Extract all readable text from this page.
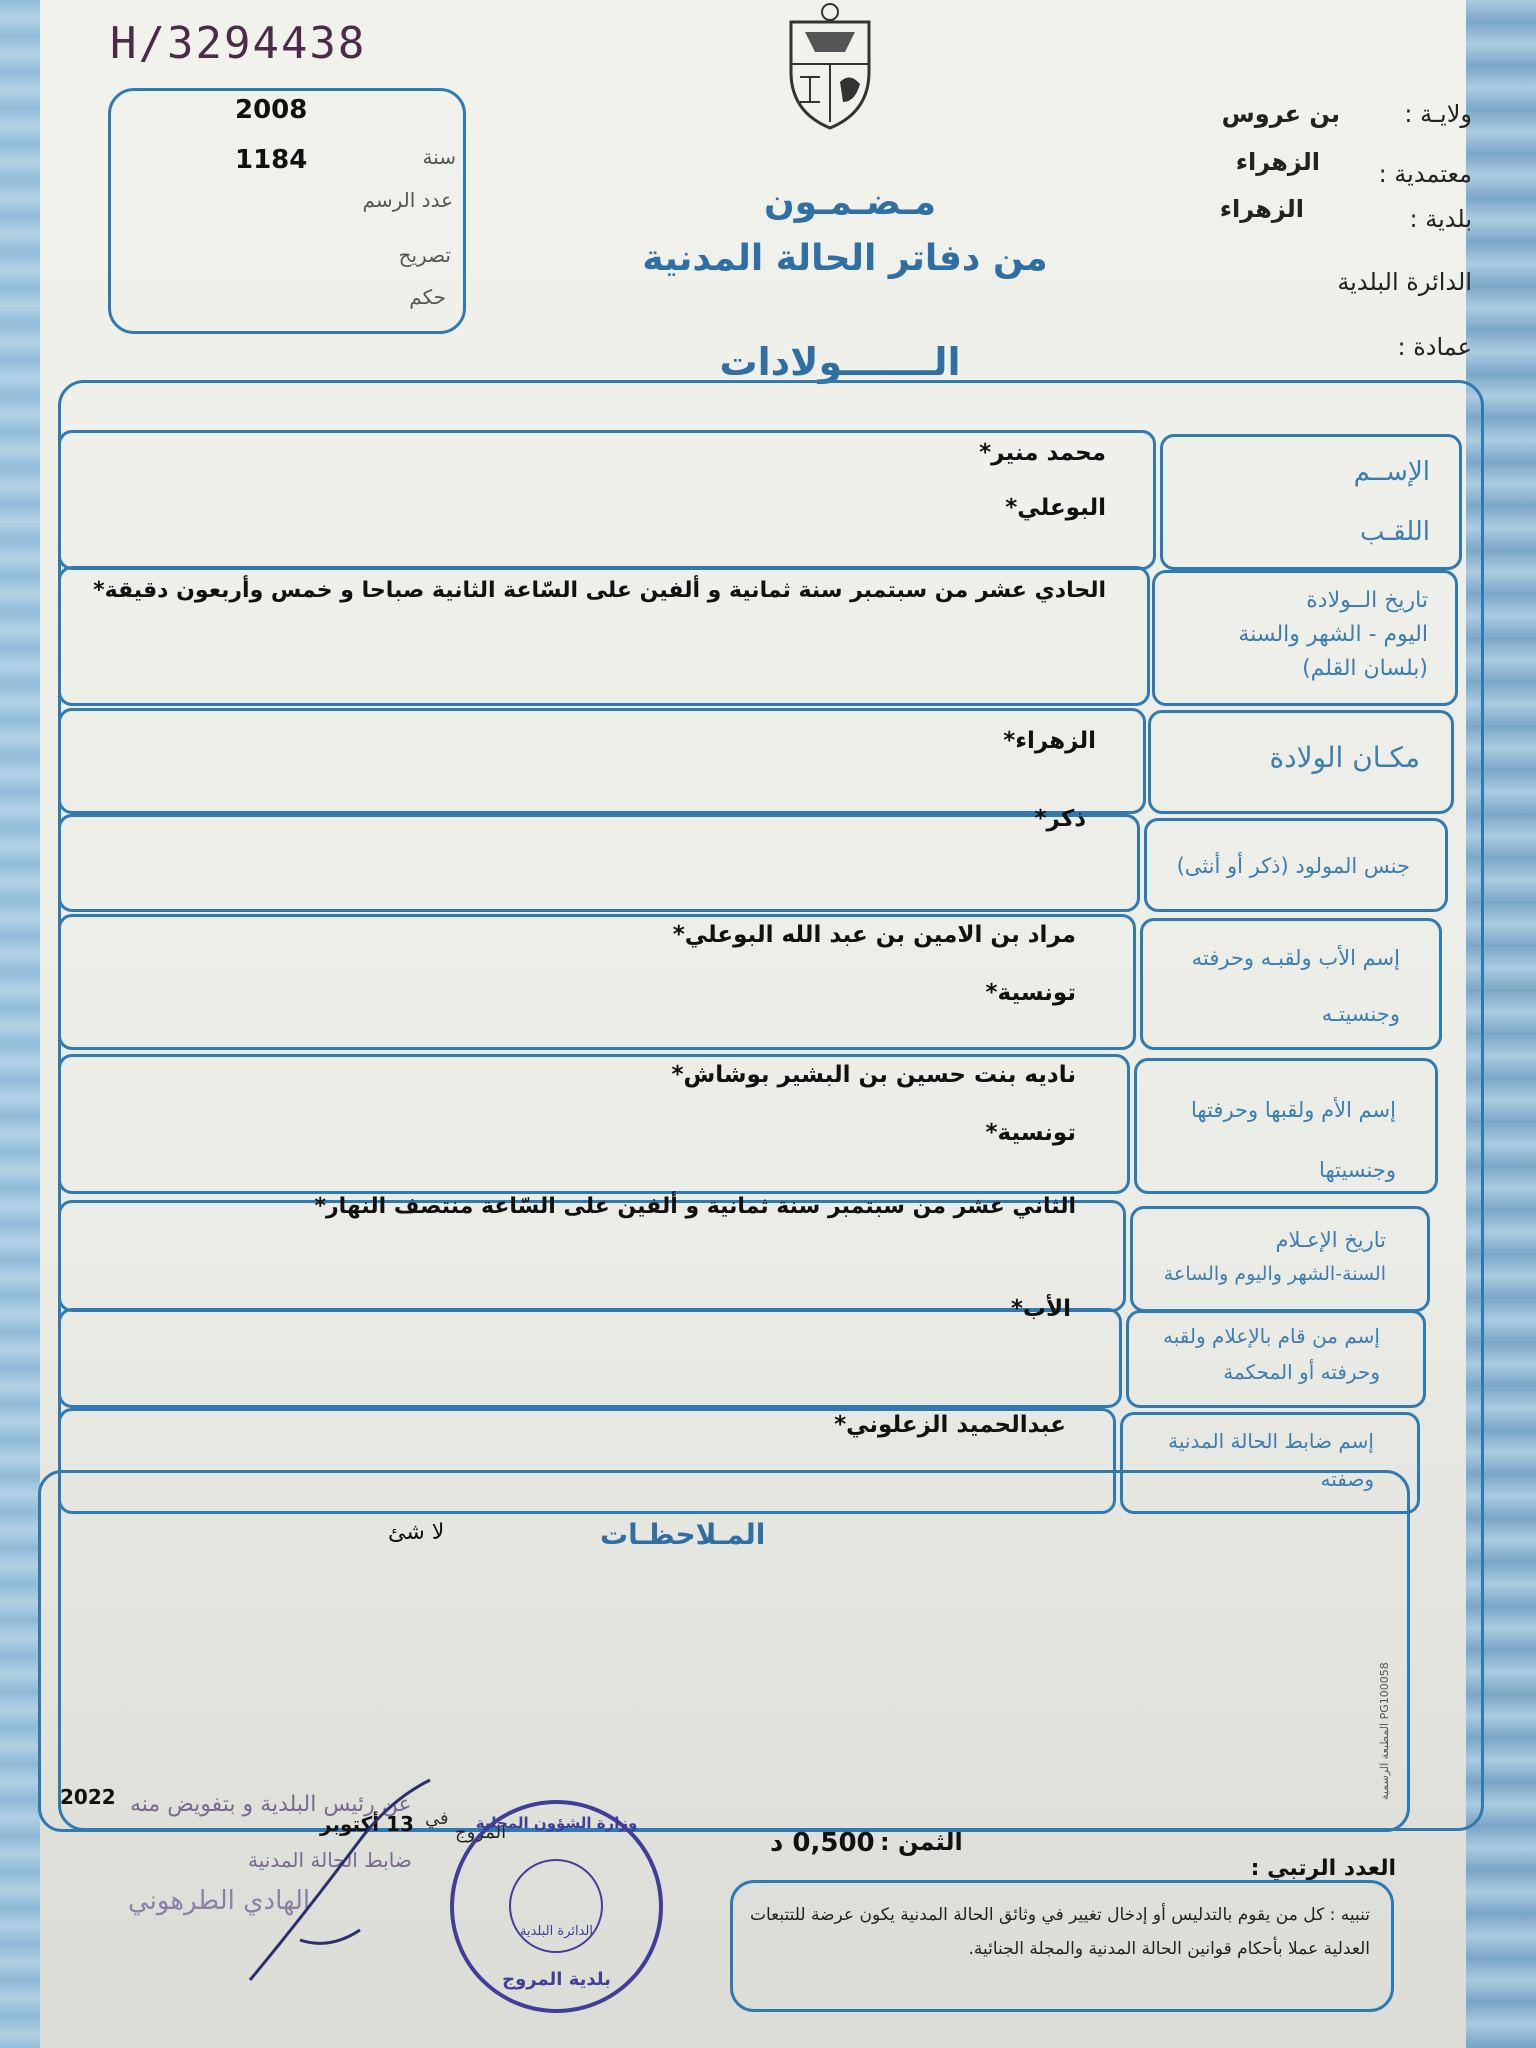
H/3294438
2008
1184	سنة
عدد الرسم
تصريح
حكم
ولايـة :
بن عروس
معتمدية :
الزهراء
بلدية :
الزهراء
الدائرة البلدية
عمادة :
مـضـمـون
من دفاتر الحالة المدنية
الـــــــولادات
الإســم
اللقـب
محمد منير*
البوعلي*
تاريخ الــولادة
اليوم - الشهر والسنة
(بلسان القلم)
الحادي عشر من سبتمبر سنة ثمانية و ألفين على السّاعة الثانية صباحا و خمس وأربعون دقيقة*
مكـان الولادة
الزهراء*
جنس المولود (ذكر أو أنثى)
ذكر*
إسم الأب ولقبـه وحرفته
وجنسيتـه
مراد بن الامين بن عبد الله البوعلي*
تونسية*
إسم الأم ولقبها وحرفتها
وجنسيتها
ناديه بنت حسين بن البشير بوشاش*
تونسية*
تاريخ الإعـلام
السنة-الشهر واليوم والساعة
الثاني عشر من سبتمبر سنة ثمانية و ألفين على السّاعة منتصف النهار*
إسم من قام بالإعلام ولقبه
وحرفته أو المحكمة
الأب*
إسم ضابط الحالة المدنية
وصفته
عبدالحميد الزعلوني*
المـلاحظـات
لا شئ
المطبعة الرسمية PG100058
2022 عن رئيس البلدية و بتفويض منه
في
13 أكتوبر المروج
ضابط الحالة المدنية
الهادي الطرهوني
وزارة الشؤون المحلية
الدائرة البلدية
بلدية المروج
0,500 د الثمن :
العدد الرتبي :
تنبيه : كل من يقوم بالتدليس أو إدخال تغيير في وثائق الحالة المدنية يكون عرضة للتتبعات العدلية عملا بأحكام قوانين الحالة المدنية والمجلة الجنائية.
